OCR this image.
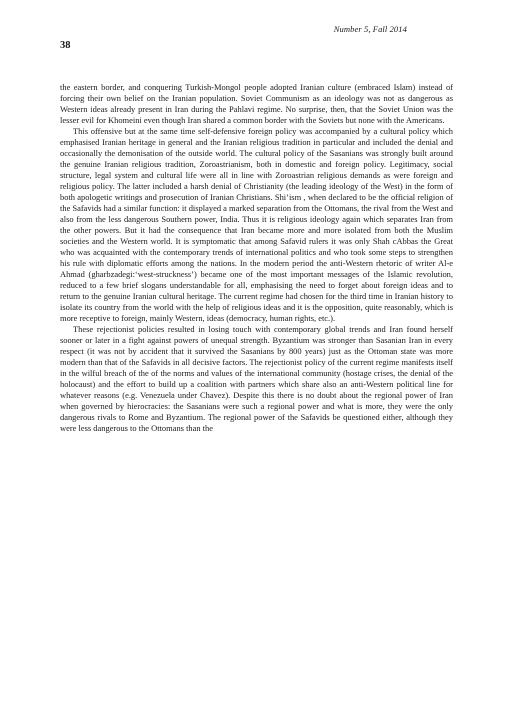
Number 5, Fall 2014
38

the eastern border, and conquering Turkish-Mongol people adopted Iranian culture (embraced Islam) instead of forcing their own belief on the Iranian population. Soviet Communism as an ideology was not as dangerous as Western ideas already present in Iran during the Pahlavi regime. No surprise, then, that the Soviet Union was the lesser evil for Khomeini even though Iran shared a common border with the Soviets but none with the Americans.

This offensive but at the same time self-defensive foreign policy was accompanied by a cultural policy which emphasised Iranian heritage in general and the Iranian religious tradition in particular and included the denial and occasionally the demonisation of the outside world. The cultural policy of the Sasanians was strongly built around the genuine Iranian religious tradition, Zoroastrianism, both in domestic and foreign policy. Legitimacy, social structure, legal system and cultural life were all in line with Zoroastrian religious demands as were foreign and religious policy. The latter included a harsh denial of Christianity (the leading ideology of the West) in the form of both apologetic writings and prosecution of Iranian Christians. Shi’ism , when declared to be the official religion of the Safavids had a similar function: it displayed a marked separation from the Ottomans, the rival from the West and also from the less dangerous Southern power, India. Thus it is religious ideology again which separates Iran from the other powers. But it had the consequence that Iran became more and more isolated from both the Muslim societies and the Western world. It is symptomatic that among Safavid rulers it was only Shah cAbbas the Great who was acquainted with the contemporary trends of international politics and who took some steps to strengthen his rule with diplomatic efforts among the nations. In the modern period the anti-Western rhetoric of writer Al-e Ahmad (gharbzadegi:‘west-struckness’) became one of the most important messages of the Islamic revolution, reduced to a few brief slogans understandable for all, emphasising the need to forget about foreign ideas and to return to the genuine Iranian cultural heritage. The current regime had chosen for the third time in Iranian history to isolate its country from the world with the help of religious ideas and it is the opposition, quite reasonably, which is more receptive to foreign, mainly Western, ideas (democracy, human rights, etc.).

These rejectionist policies resulted in losing touch with contemporary global trends and Iran found herself sooner or later in a fight against powers of unequal strength. Byzantium was stronger than Sasanian Iran in every respect (it was not by accident that it survived the Sasanians by 800 years) just as the Ottoman state was more modern than that of the Safavids in all decisive factors. The rejectionist policy of the current regime manifests itself in the wilful breach of the of the norms and values of the international community (hostage crises, the denial of the holocaust) and the effort to build up a coalition with partners which share also an anti-Western political line for whatever reasons (e.g. Venezuela under Chavez). Despite this there is no doubt about the regional power of Iran when governed by hierocracies: the Sasanians were such a regional power and what is more, they were the only dangerous rivals to Rome and Byzantium. The regional power of the Safavids be questioned either, although they were less dangerous to the Ottomans than the
